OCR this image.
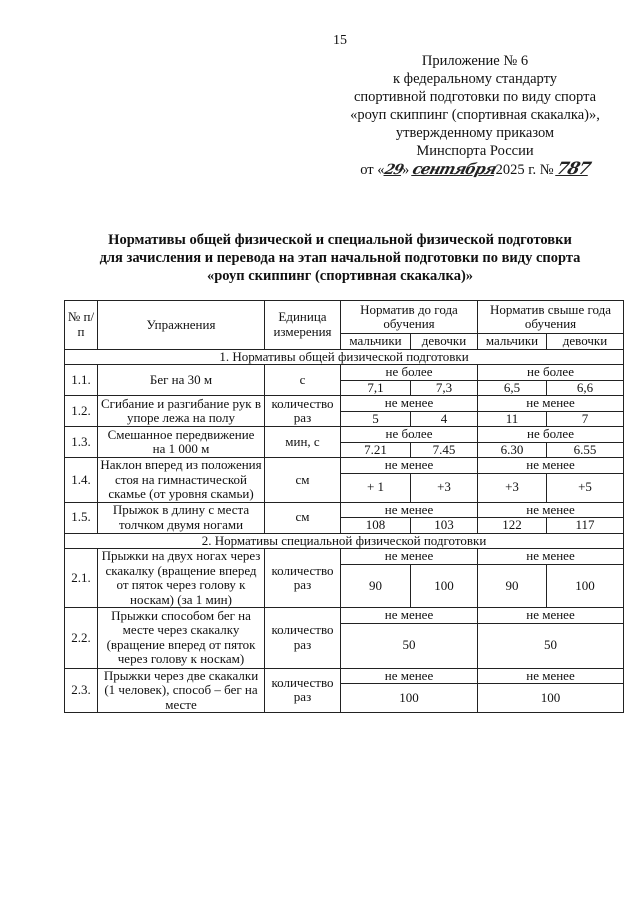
15
Приложение № 6
к федеральному стандарту
спортивной подготовки по виду спорта
«роуп скиппинг (спортивная скакалка)»,
утвержденному приказом
Минспорта России
от «29» сентября2025 г. № 787
Нормативы общей физической и специальной физической подготовки
для зачисления и перевода на этап начальной подготовки по виду спорта
«роуп скиппинг (спортивная скакалка)»
№ п/п	Упражнения	Единица измерения	Норматив до года обучения		Норматив свыше года обучения	
			мальчики	девочки	мальчики	девочки

1. Нормативы общей физической подготовки						

1.1.	Бег на 30 м	с	не более		не более	
			7,1	7,3	6,5	6,6
1.2.	Сгибание и разгибание рук в упоре лежа на полу	количество раз	не менее		не менее	
			5	4	11	7
1.3.	Смешанное передвижение на 1 000 м	мин, с	не более		не более	
			7.21	7.45	6.30	6.55
1.4.	Наклон вперед из положения стоя на гимнастической скамье (от уровня скамьи)	см	не менее		не менее	
			+ 1	+3	+3	+5
1.5.	Прыжок в длину с места толчком двумя ногами	см	не менее		не менее	
			108	103	122	117

2. Нормативы специальной физической подготовки						

2.1.	Прыжки на двух ногах через скакалку (вращение вперед от пяток через голову к носкам) (за 1 мин)	количество раз	не менее		не менее	
			90	100	90	100
2.2.	Прыжки способом бег на месте через скакалку (вращение вперед от пяток через голову к носкам)	количество раз	не менее		не менее	
			50		50	
2.3.	Прыжки через две скакалки (1 человек), способ – бег на месте	количество раз	не менее		не менее	
			100		100	
